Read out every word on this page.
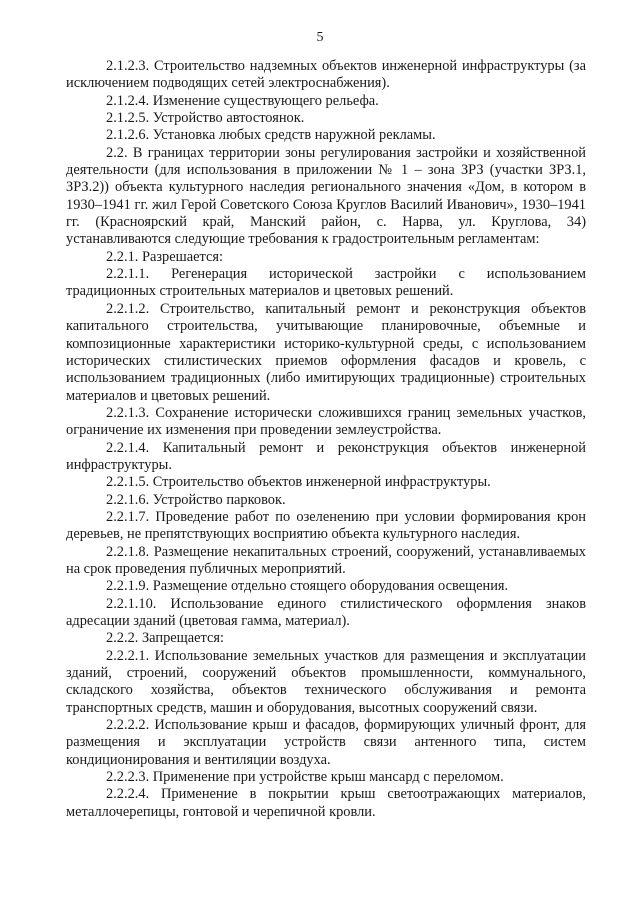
5

2.1.2.3. Строительство надземных объектов инженерной инфраструктуры (за исключением подводящих сетей электроснабжения).

2.1.2.4. Изменение существующего рельефа.

2.1.2.5. Устройство автостоянок.

2.1.2.6. Установка любых средств наружной рекламы.

2.2. В границах территории зоны регулирования застройки и хозяйственной деятельности (для использования в приложении № 1 – зона ЗРЗ (участки ЗРЗ.1, ЗРЗ.2)) объекта культурного наследия регионального значения «Дом, в котором в 1930–1941 гг. жил Герой Советского Союза Круглов Василий Иванович», 1930–1941 гг. (Красноярский край, Манский район, с. Нарва, ул. Круглова, 34) устанавливаются следующие требования к градостроительным регламентам:

2.2.1. Разрешается:

2.2.1.1. Регенерация исторической застройки с использованием традиционных строительных материалов и цветовых решений.

2.2.1.2. Строительство, капитальный ремонт и реконструкция объектов капитального строительства, учитывающие планировочные, объемные и композиционные характеристики историко-культурной среды, с использованием исторических стилистических приемов оформления фасадов и кровель, с использованием традиционных (либо имитирующих традиционные) строительных материалов и цветовых решений.

2.2.1.3. Сохранение исторически сложившихся границ земельных участков, ограничение их изменения при проведении землеустройства.

2.2.1.4. Капитальный ремонт и реконструкция объектов инженерной инфраструктуры.

2.2.1.5. Строительство объектов инженерной инфраструктуры.

2.2.1.6. Устройство парковок.

2.2.1.7. Проведение работ по озеленению при условии формирования крон деревьев, не препятствующих восприятию объекта культурного наследия.

2.2.1.8. Размещение некапитальных строений, сооружений, устанавливаемых на срок проведения публичных мероприятий.

2.2.1.9. Размещение отдельно стоящего оборудования освещения.

2.2.1.10. Использование единого стилистического оформления знаков адресации зданий (цветовая гамма, материал).

2.2.2. Запрещается:

2.2.2.1. Использование земельных участков для размещения и эксплуатации зданий, строений, сооружений объектов промышленности, коммунального, складского хозяйства, объектов технического обслуживания и ремонта транспортных средств, машин и оборудования, высотных сооружений связи.

2.2.2.2. Использование крыш и фасадов, формирующих уличный фронт, для размещения и эксплуатации устройств связи антенного типа, систем кондиционирования и вентиляции воздуха.

2.2.2.3. Применение при устройстве крыш мансард с переломом.

2.2.2.4. Применение в покрытии крыш светоотражающих материалов, металлочерепицы, гонтовой и черепичной кровли.
